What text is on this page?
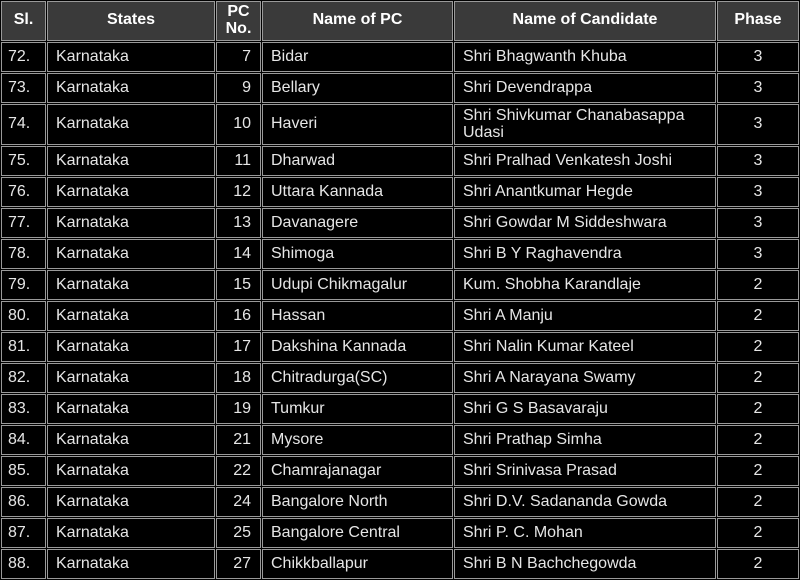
Sl.	States	PC No.	Name of PC	Name of Candidate	Phase
72.	Karnataka	7	Bidar	Shri Bhagwanth Khuba	3
73.	Karnataka	9	Bellary	Shri Devendrappa	3
74.	Karnataka	10	Haveri	Shri Shivkumar Chanabasappa Udasi	3
75.	Karnataka	11	Dharwad	Shri Pralhad Venkatesh Joshi	3
76.	Karnataka	12	Uttara Kannada	Shri Anantkumar Hegde	3
77.	Karnataka	13	Davanagere	Shri Gowdar M Siddeshwara	3
78.	Karnataka	14	Shimoga	Shri B Y Raghavendra	3
79.	Karnataka	15	Udupi Chikmagalur	Kum. Shobha Karandlaje	2
80.	Karnataka	16	Hassan	Shri A Manju	2
81.	Karnataka	17	Dakshina Kannada	Shri Nalin Kumar Kateel	2
82.	Karnataka	18	Chitradurga(SC)	Shri A Narayana Swamy	2
83.	Karnataka	19	Tumkur	Shri G S Basavaraju	2
84.	Karnataka	21	Mysore	Shri Prathap Simha	2
85.	Karnataka	22	Chamrajanagar	Shri Srinivasa Prasad	2
86.	Karnataka	24	Bangalore North	Shri D.V. Sadananda Gowda	2
87.	Karnataka	25	Bangalore Central	Shri P. C. Mohan	2
88.	Karnataka	27	Chikkballapur	Shri B N Bachchegowda	2
